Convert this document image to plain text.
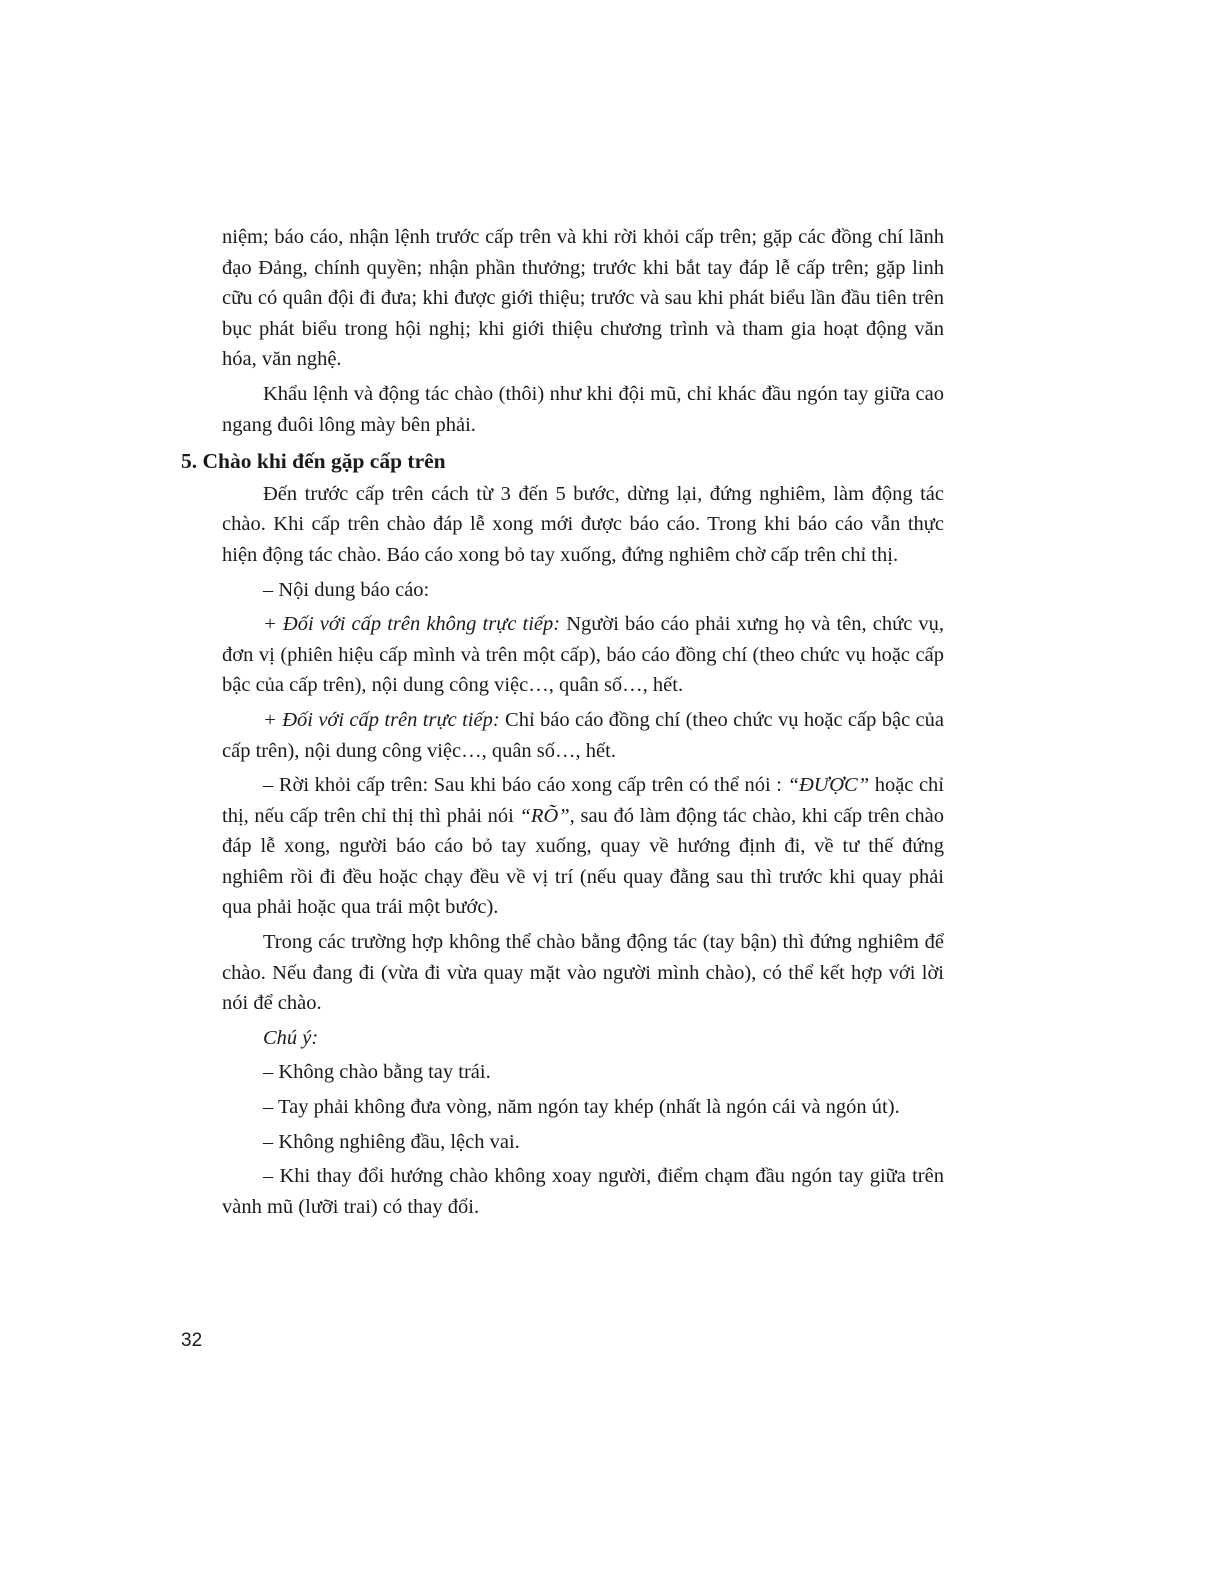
niệm; báo cáo, nhận lệnh trước cấp trên và khi rời khỏi cấp trên; gặp các đồng chí lãnh đạo Đảng, chính quyền; nhận phần thưởng; trước khi bắt tay đáp lễ cấp trên; gặp linh cữu có quân đội đi đưa; khi được giới thiệu; trước và sau khi phát biểu lần đầu tiên trên bục phát biểu trong hội nghị; khi giới thiệu chương trình và tham gia hoạt động văn hóa, văn nghệ.

Khẩu lệnh và động tác chào (thôi) như khi đội mũ, chỉ khác đầu ngón tay giữa cao ngang đuôi lông mày bên phải.

5. Chào khi đến gặp cấp trên

Đến trước cấp trên cách từ 3 đến 5 bước, dừng lại, đứng nghiêm, làm động tác chào. Khi cấp trên chào đáp lễ xong mới được báo cáo. Trong khi báo cáo vẫn thực hiện động tác chào. Báo cáo xong bỏ tay xuống, đứng nghiêm chờ cấp trên chỉ thị.

– Nội dung báo cáo:

+ Đối với cấp trên không trực tiếp: Người báo cáo phải xưng họ và tên, chức vụ, đơn vị (phiên hiệu cấp mình và trên một cấp), báo cáo đồng chí (theo chức vụ hoặc cấp bậc của cấp trên), nội dung công việc…, quân số…, hết.

+ Đối với cấp trên trực tiếp: Chỉ báo cáo đồng chí (theo chức vụ hoặc cấp bậc của cấp trên), nội dung công việc…, quân số…, hết.

– Rời khỏi cấp trên: Sau khi báo cáo xong cấp trên có thể nói : “ĐƯỢC” hoặc chỉ thị, nếu cấp trên chỉ thị thì phải nói “RÕ”, sau đó làm động tác chào, khi cấp trên chào đáp lễ xong, người báo cáo bỏ tay xuống, quay về hướng định đi, về tư thế đứng nghiêm rồi đi đều hoặc chạy đều về vị trí (nếu quay đằng sau thì trước khi quay phải qua phải hoặc qua trái một bước).

Trong các trường hợp không thể chào bằng động tác (tay bận) thì đứng nghiêm để chào. Nếu đang đi (vừa đi vừa quay mặt vào người mình chào), có thể kết hợp với lời nói để chào.

Chú ý:

– Không chào bằng tay trái.

– Tay phải không đưa vòng, năm ngón tay khép (nhất là ngón cái và ngón út).

– Không nghiêng đầu, lệch vai.

– Khi thay đổi hướng chào không xoay người, điểm chạm đầu ngón tay giữa trên vành mũ (lưỡi trai) có thay đổi.

32
